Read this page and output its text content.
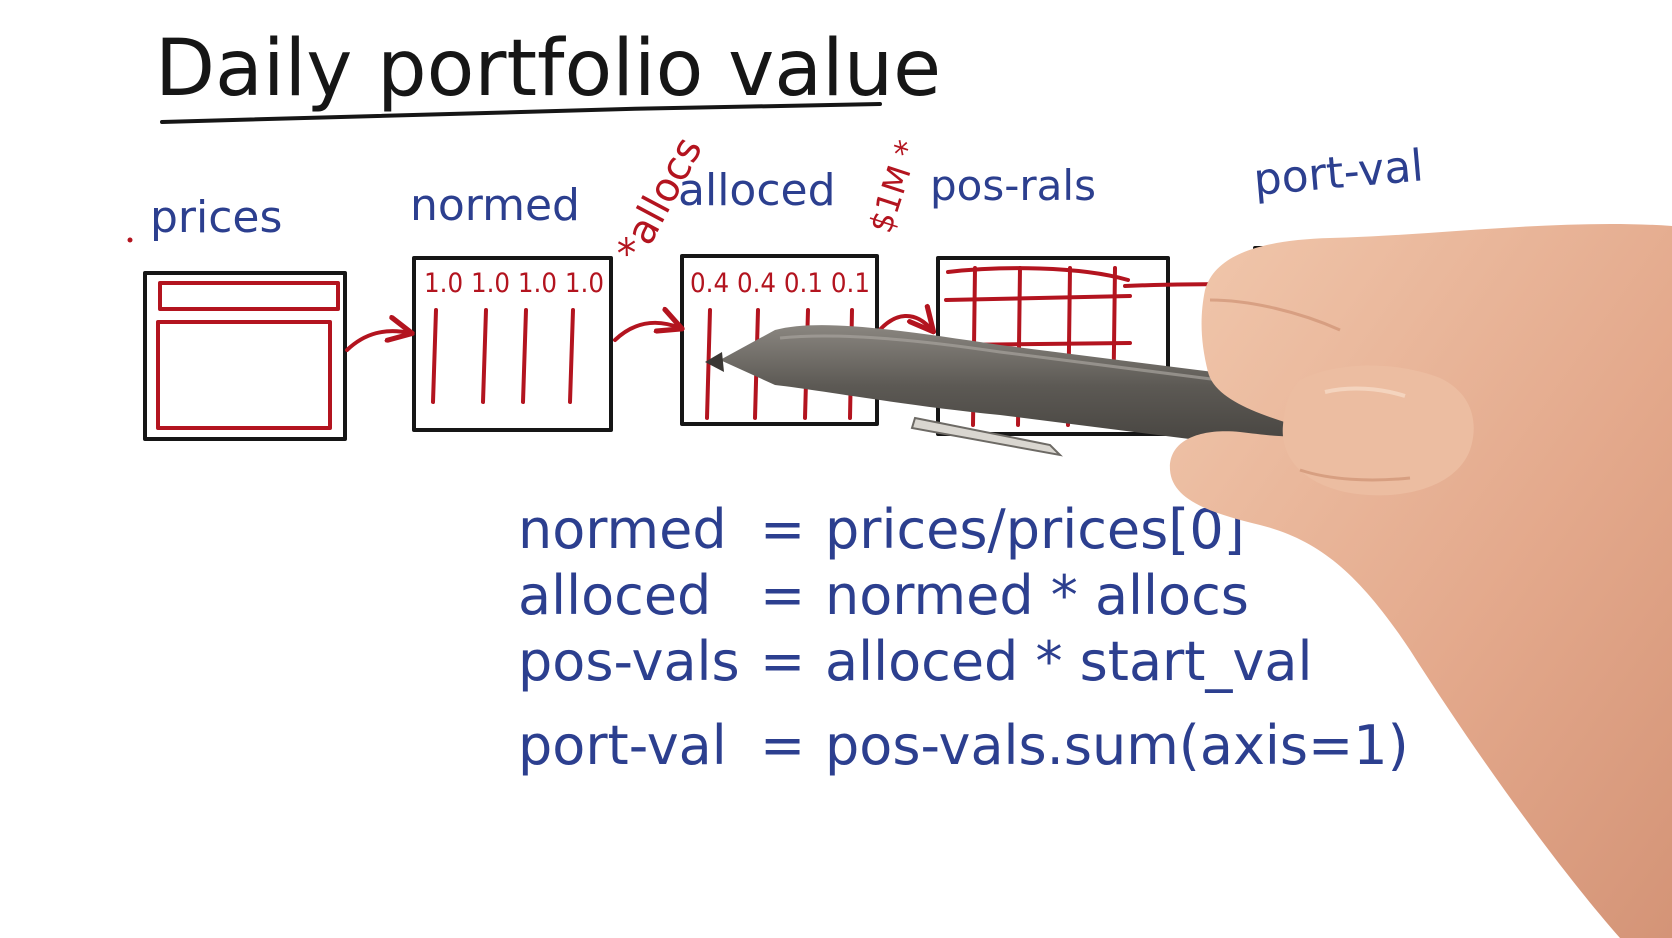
Daily portfolio value
prices	normed alloced pos-rals	port-val
*allocs	$1M *
1.0 1.0 1.0 1.0	0.4 0.4 0.1 0.1
normed = prices/prices[0]
alloced = normed * allocs
pos-vals = alloced * start_val
port-val = pos-vals.sum(axis=1)
